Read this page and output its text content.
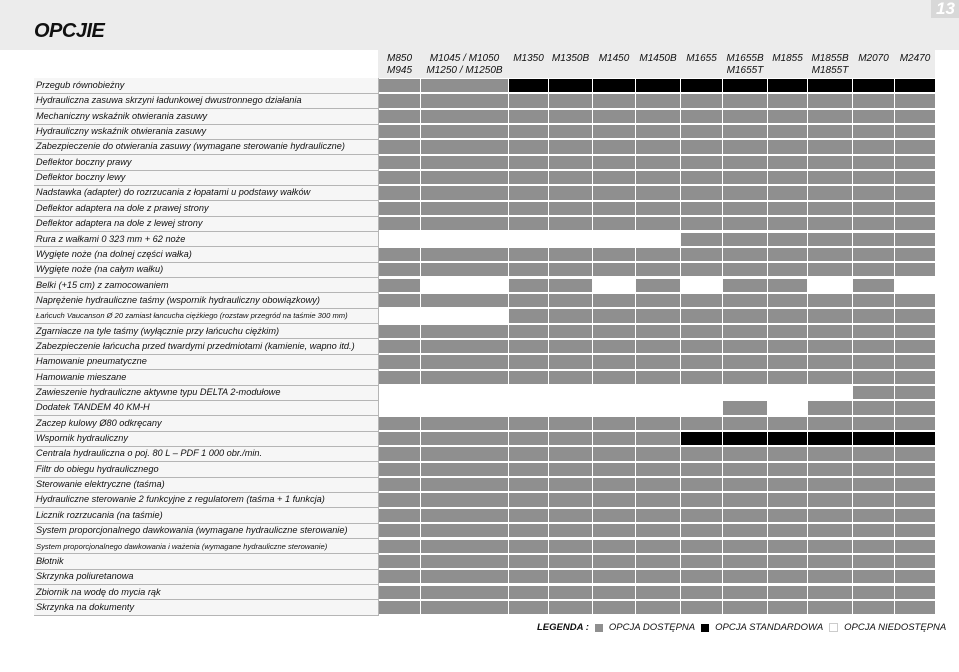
OPCJIE
13
M850
M945
M1045 / M1050
M1250 / M1250B
M1350 M1350B M1450	M1450B M1655 M1655B
M1655T
M1855 M1855B
M1855T
M2070	M2470
Przegub równobieżny
Hydrauliczna zasuwa skrzyni ładunkowej dwustronnego działania
Mechaniczny wskaźnik otwierania zasuwy
Hydrauliczny wskaźnik otwierania zasuwy
Zabezpieczenie do otwierania zasuwy (wymagane sterowanie hydrauliczne)
Deflektor boczny prawy
Deflektor boczny lewy
Nadstawka (adapter) do rozrzucania z łopatami u podstawy wałków
Deflektor adaptera na dole z prawej strony
Deflektor adaptera na dole z lewej strony
Rura z wałkami 0 323 mm + 62 noże
Wygięte noże (na dolnej części wałka)
Wygięte noże (na całym wałku)
Belki (+15 cm) z zamocowaniem
Naprężenie hydrauliczne taśmy (wspornik hydrauliczny obowiązkowy)
Łańcuch Vaucanson Ø 20 zamiast łancucha ciężkiego (rozstaw przegród na taśmie 300 mm)
Zgarniacze na tyle taśmy (wyłącznie przy łańcuchu ciężkim)
Zabezpieczenie łańcucha przed twardymi przedmiotami (kamienie, wapno itd.)
Hamowanie pneumatyczne
Hamowanie mieszane
Zawieszenie hydrauliczne aktywne typu DELTA 2-modułowe
Dodatek TANDEM 40 KM-H
Zaczep kulowy Ø80 odkręcany
Wspornik hydrauliczny
Centrala hydrauliczna o poj. 80 L – PDF 1 000 obr./min.
Filtr do obiegu hydraulicznego
Sterowanie elektryczne (taśma)
Hydrauliczne sterowanie 2 funkcyjne z regulatorem (taśma + 1 funkcja)
Licznik rozrzucania (na taśmie)
System proporcjonalnego dawkowania (wymagane hydrauliczne sterowanie)
System proporcjonalnego dawkowania i ważenia (wymagane hydrauliczne sterowanie)
Błotnik
Skrzynka poliuretanowa
Zbiornik na wodę do mycia rąk
Skrzynka na dokumenty
LEGENDA : OPCJA DOSTĘPNA OPCJA STANDARDOWA OPCJA NIEDOSTĘPNA
